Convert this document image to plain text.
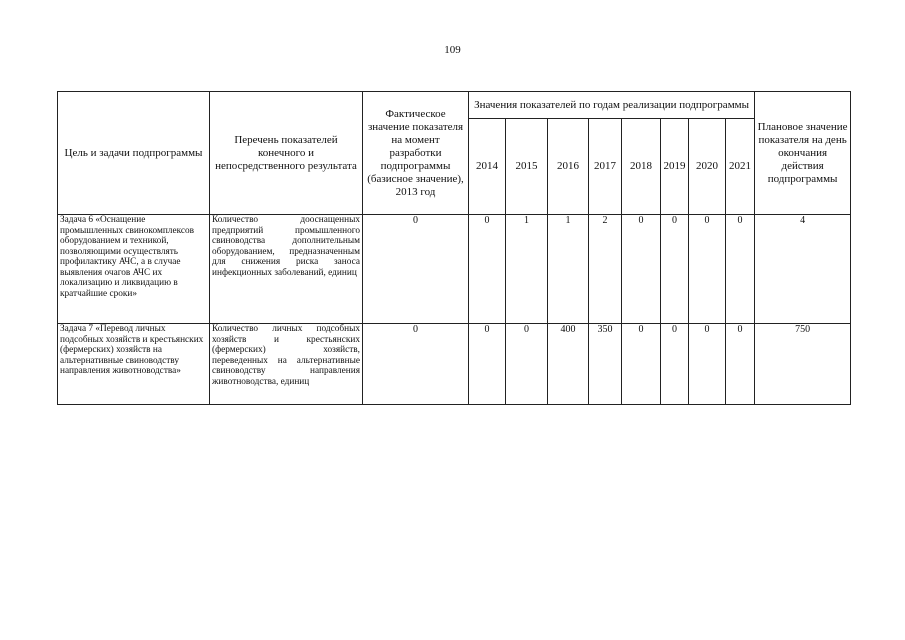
109
Цель и задачи подпрограммы	Перечень показателей конечного и непосредственного результата	Фактическое значение показателя на момент разработки подпрограммы (базисное значение), 2013 год	Значения показателей по годам реализации подпрограммы								Плановое значение показателя на день окончания действия подпрограммы
			2014	2015	2016	2017	2018	2019	2020	2021	
Задача 6 «Оснащение промышленных свинокомплексов оборудованием и техникой, позволяющими осуществлять профилактику АЧС, а в случае выявления очагов АЧС их локализацию и ликвидацию в кратчайшие сроки»	Количество дооснащенных предприятий промышленного свиноводства дополнительным оборудованием, предназначенным для снижения риска заноса инфекционных заболеваний, единиц	0	0	1	1	2	0	0	0	0	4
Задача 7 «Перевод личных подсобных хозяйств и крестьянских (фермерских) хозяйств на альтернативные свиноводству направления животноводства»	Количество личных подсобных хозяйств и крестьянских (фермерских) хозяйств, переведенных на альтернативные свиноводству направления животноводства, единиц	0	0	0	400	350	0	0	0	0	750
